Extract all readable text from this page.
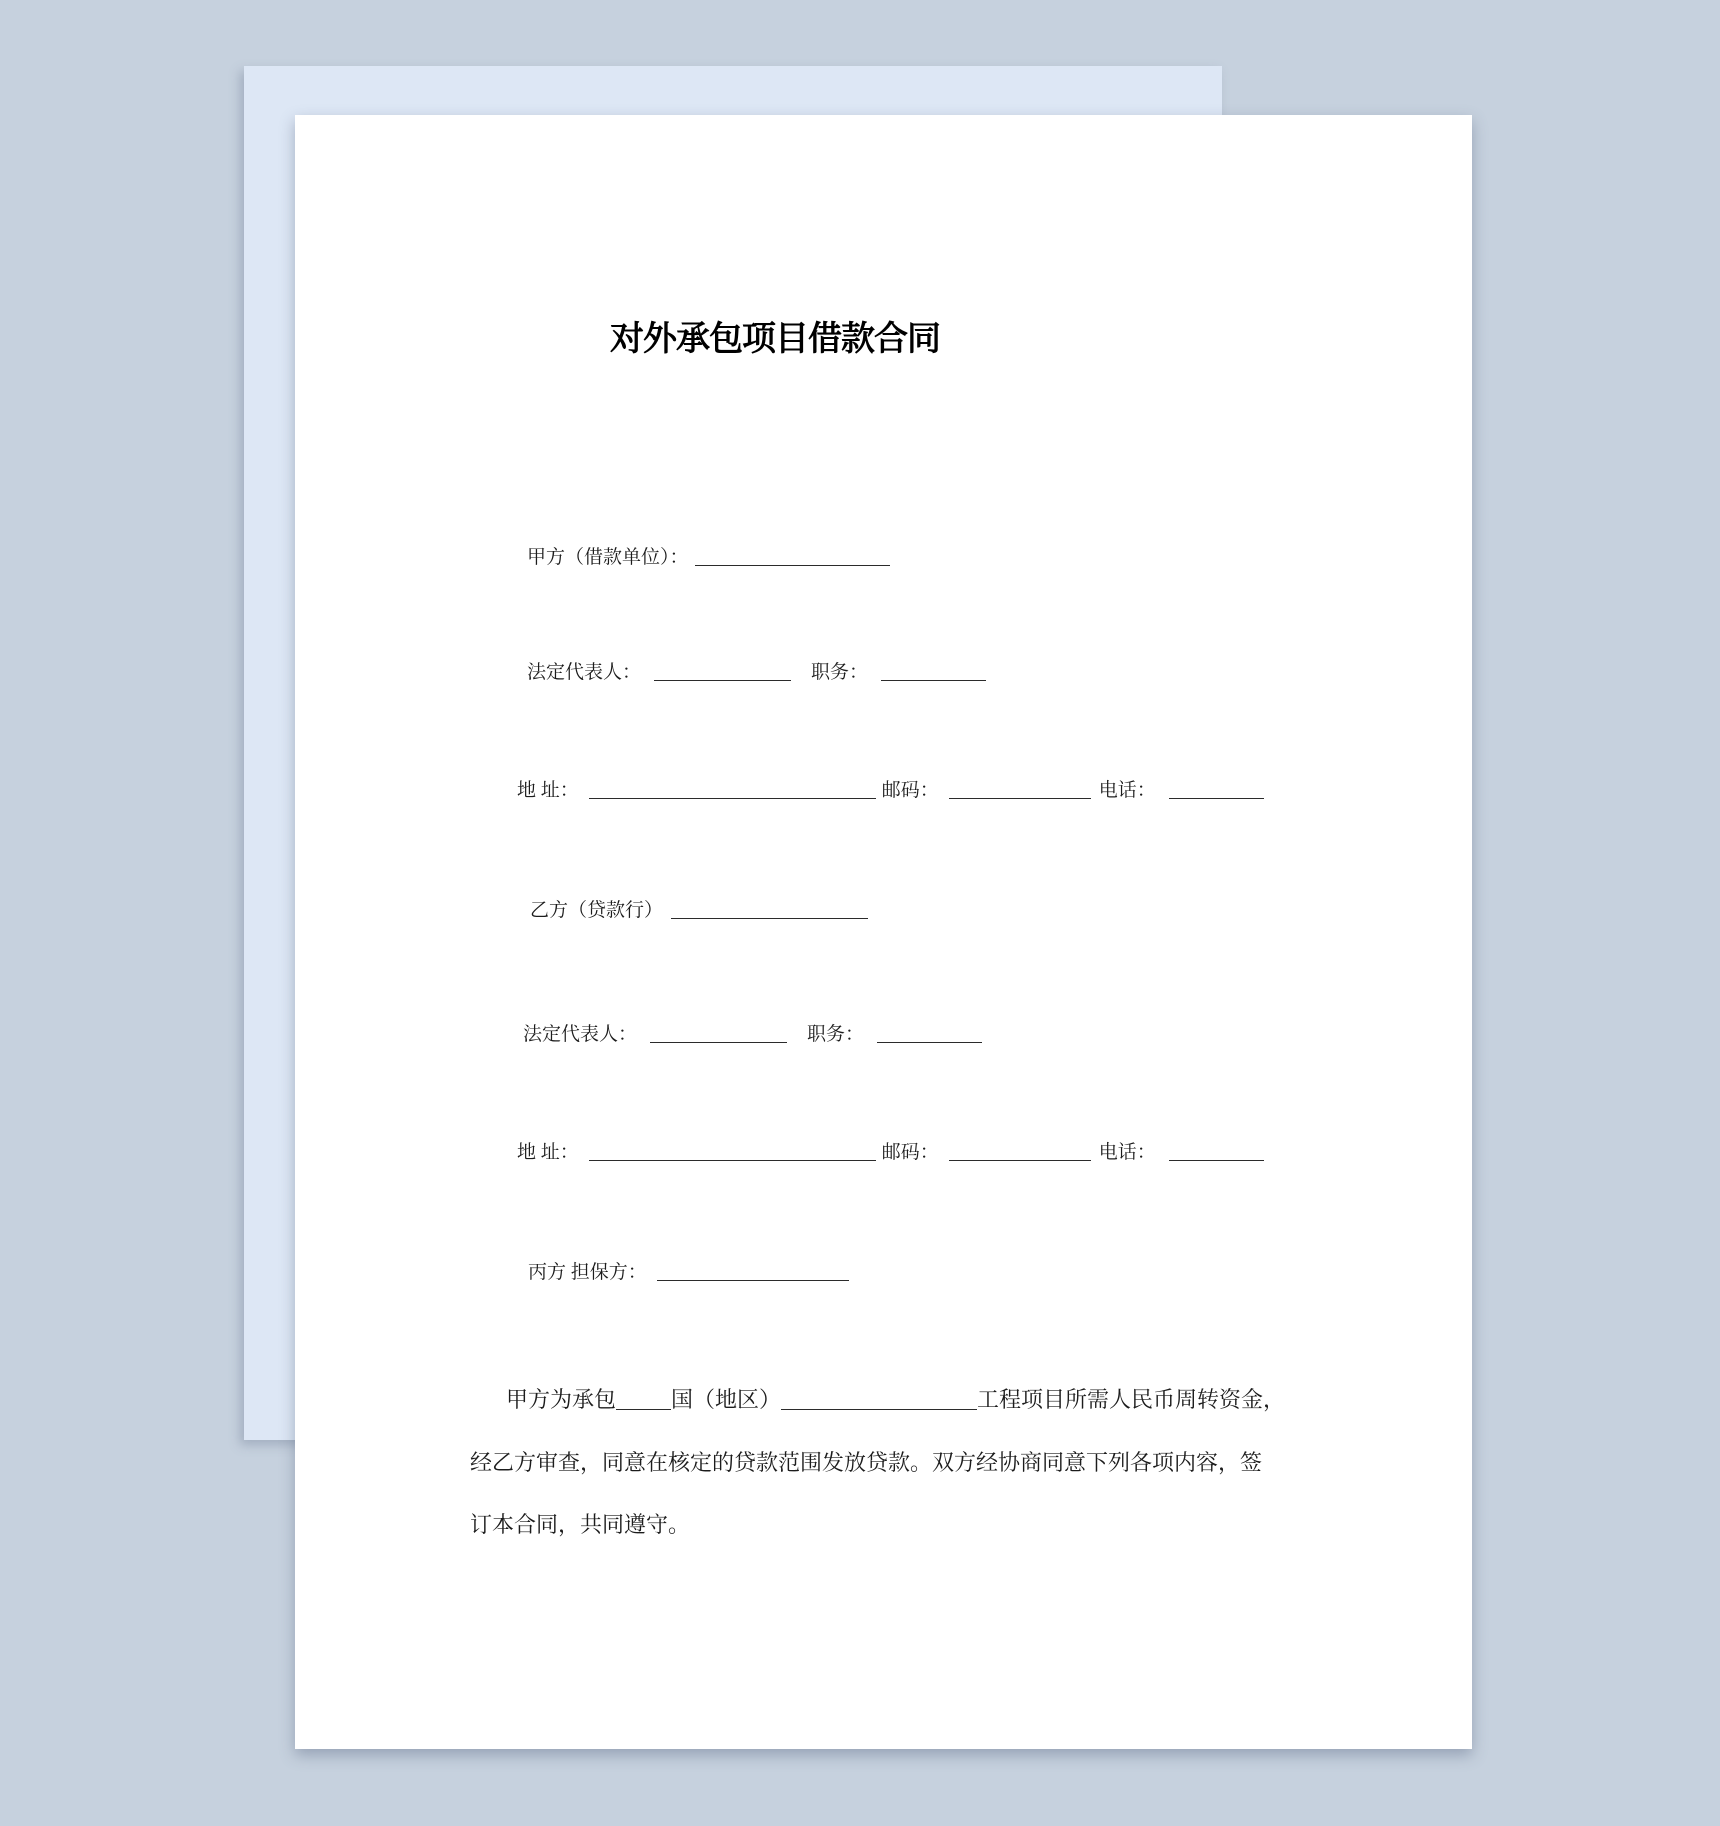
对外承包项目借款合同
甲方（借款单位）：
法定代表人：	职务：
地 址：	邮码：	电话：
乙方（贷款行）
法定代表人：	职务：
地 址：	邮码：	电话：
丙方 担保方：
甲方为承包	国（地区）	工程项目所需人民币周转资金，
经乙方审查，同意在核定的贷款范围发放贷款。双方经协商同意下列各项内容，签
订本合同，共同遵守。
